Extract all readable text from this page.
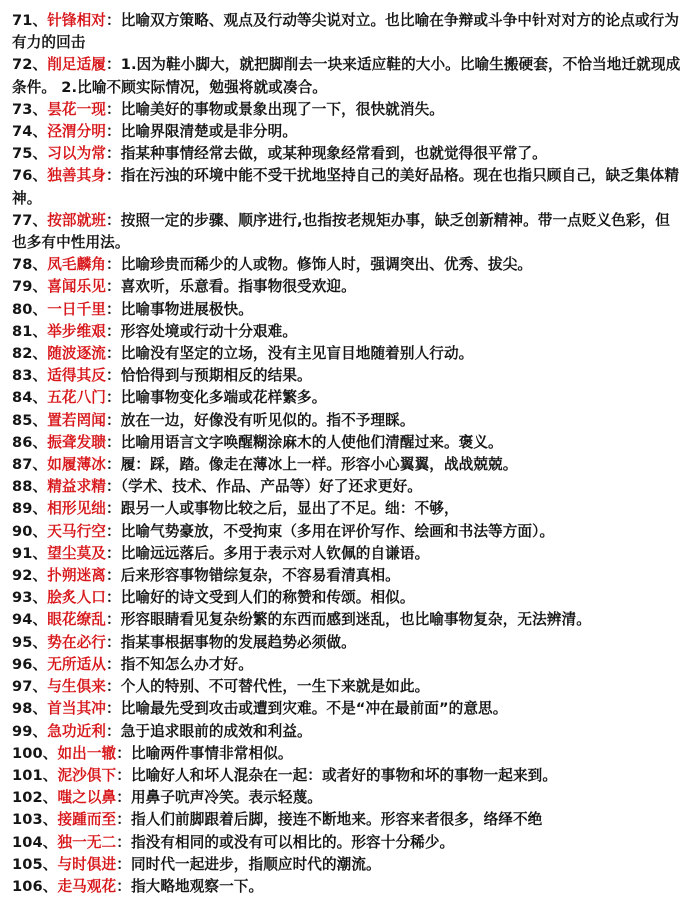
71、针锋相对：比喻双方策略、观点及行动等尖说对立。也比喻在争辩或斗争中针对对方的论点或行为有力的回击
72、削足适履：1.因为鞋小脚大，就把脚削去一块来适应鞋的大小。比喻生搬硬套，不恰当地迁就现成条件。 2.比喻不顾实际情况，勉强将就或凑合。
73、昙花一现：比喻美好的事物或景象出现了一下，很快就消失。
74、泾渭分明：比喻界限清楚或是非分明。
75、习以为常：指某种事情经常去做，或某种现象经常看到，也就觉得很平常了。
76、独善其身：指在污浊的环境中能不受干扰地坚持自己的美好品格。现在也指只顾自己，缺乏集体精神。
77、按部就班：按照一定的步骤、顺序进行,也指按老规矩办事，缺乏创新精神。带一点贬义色彩，但也多有中性用法。
78、凤毛麟角：比喻珍贵而稀少的人或物。修饰人时，强调突出、优秀、拔尖。
79、喜闻乐见：喜欢听，乐意看。指事物很受欢迎。
80、一日千里：比喻事物进展极快。
81、举步维艰：形容处境或行动十分艰难。
82、随波逐流：比喻没有坚定的立场，没有主见盲目地随着别人行动。
83、适得其反：恰恰得到与预期相反的结果。
84、五花八门：比喻事物变化多端或花样繁多。
85、置若罔闻：放在一边，好像没有听见似的。指不予理睬。
86、振聋发聩：比喻用语言文字唤醒糊涂麻木的人使他们清醒过来。褒义。
87、如履薄冰：履：踩，踏。像走在薄冰上一样。形容小心翼翼，战战兢兢。
88、精益求精：（学术、技术、作品、产品等）好了还求更好。
89、相形见绌：跟另一人或事物比较之后，显出了不足。绌：不够，
90、天马行空：比喻气势豪放，不受拘束（多用在评价写作、绘画和书法等方面）。
91、望尘莫及：比喻远远落后。多用于表示对人钦佩的自谦语。
92、扑朔迷离：后来形容事物错综复杂，不容易看清真相。
93、脍炙人口：比喻好的诗文受到人们的称赞和传颂。相似。
94、眼花缭乱：形容眼睛看见复杂纷繁的东西而感到迷乱，也比喻事物复杂，无法辨清。
95、势在必行：指某事根据事物的发展趋势必须做。
96、无所适从：指不知怎么办才好。
97、与生俱来：个人的特别、不可替代性，一生下来就是如此。
98、首当其冲：比喻最先受到攻击或遭到灾难。不是“冲在最前面”的意思。
99、急功近利：急于追求眼前的成效和利益。
100、如出一辙：比喻两件事情非常相似。
101、泥沙俱下：比喻好人和坏人混杂在一起：或者好的事物和坏的事物一起来到。
102、嗤之以鼻：用鼻子吭声冷笑。表示轻蔑。
103、接踵而至：指人们前脚跟着后脚，接连不断地来。形容来者很多，络绎不绝
104、独一无二：指没有相同的或没有可以相比的。形容十分稀少。
105、与时俱进：同时代一起进步，指顺应时代的潮流。
106、走马观花：指大略地观察一下。
